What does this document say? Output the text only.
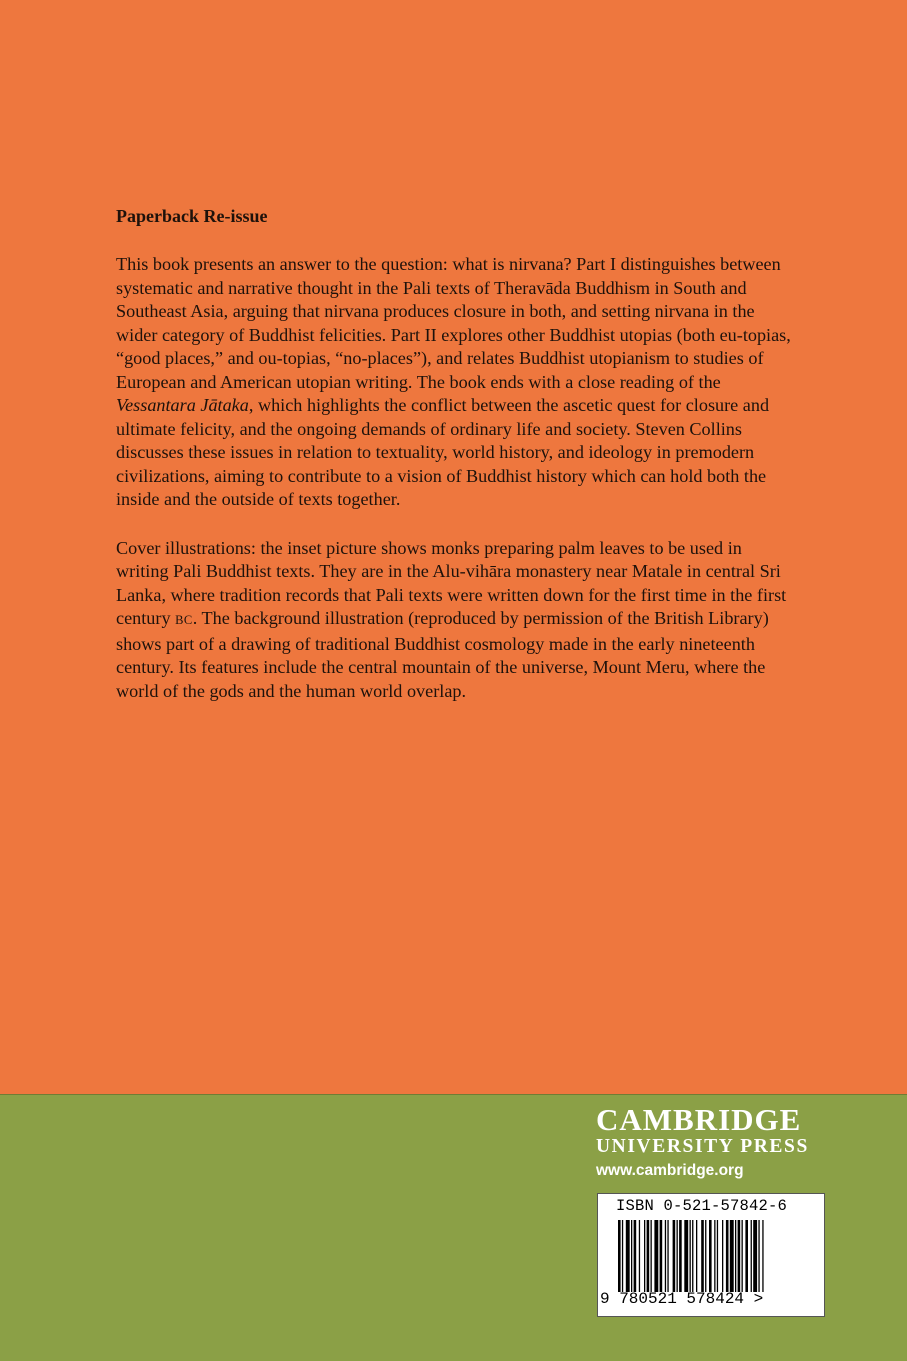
Paperback Re-issue

This book presents an answer to the question: what is nirvana? Part I distinguishes between systematic and narrative thought in the Pali texts of Theravāda Buddhism in South and Southeast Asia, arguing that nirvana produces closure in both, and setting nirvana in the wider category of Buddhist felicities. Part II explores other Buddhist utopias (both eu-topias, “good places,” and ou-topias, “no-places”), and relates Buddhist utopianism to studies of European and American utopian writing. The book ends with a close reading of the Vessantara Jātaka, which highlights the conflict between the ascetic quest for closure and ultimate felicity, and the ongoing demands of ordinary life and society. Steven Collins discusses these issues in relation to textuality, world history, and ideology in premodern civilizations, aiming to contribute to a vision of Buddhist history which can hold both the inside and the outside of texts together.

Cover illustrations: the inset picture shows monks preparing palm leaves to be used in writing Pali Buddhist texts. They are in the Alu-vihāra monastery near Matale in central Sri Lanka, where tradition records that Pali texts were written down for the first time in the first century BC. The background illustration (reproduced by permission of the British Library) shows part of a drawing of traditional Buddhist cosmology made in the early nineteenth century. Its features include the central mountain of the universe, Mount Meru, where the world of the gods and the human world overlap.

CAMBRIDGE
UNIVERSITY PRESS
www.cambridge.org
ISBN 0-521-57842-6
9 780521 578424 >
